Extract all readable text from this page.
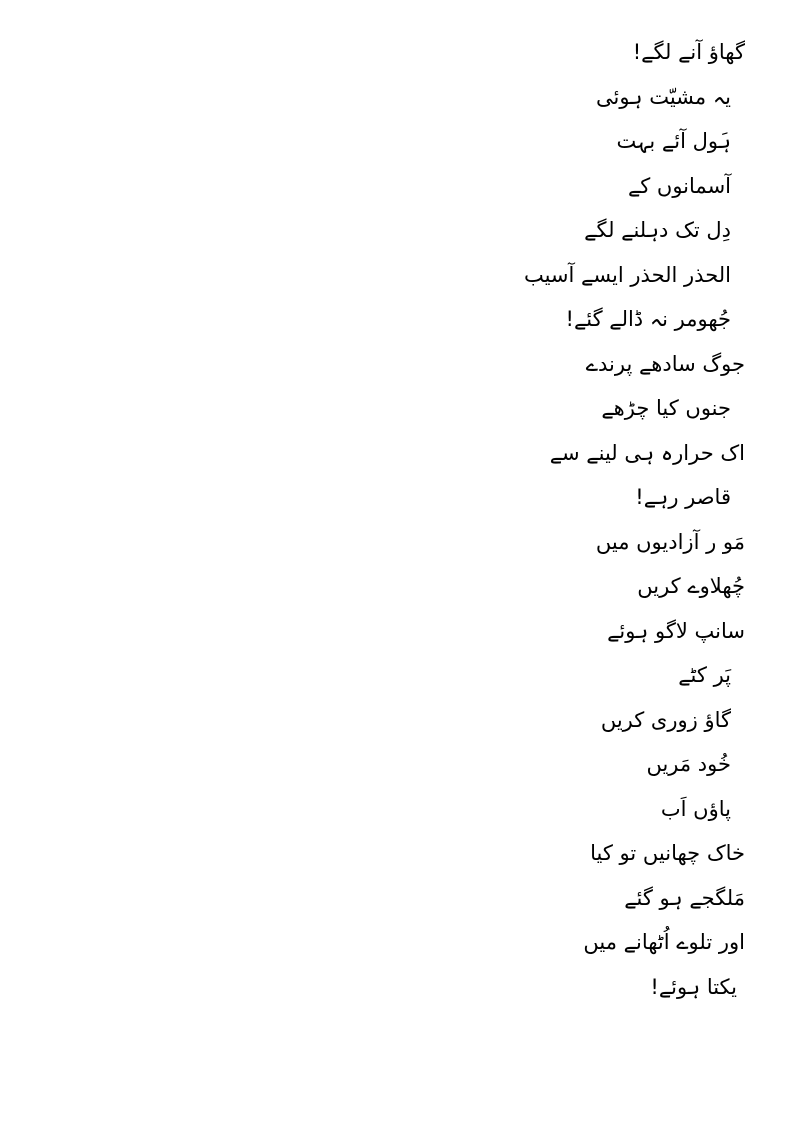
گھاؤ آنے لگے!
یہ مشیّت ہوئی
ہَول آئے بہت
آسمانوں کے
دِل تک دہلنے لگے
الحذر الحذر ایسے آسیب
جُھومر نہ ڈالے گئے!
جوگ سادھے پرندے
جنوں کیا چڑھے
اک حرارہ ہی لینے سے
قاصر رہے!
مَو ر آزادیوں میں
چُھلاوے کریں
سانپ لاگو ہوئے
پَر کٹے
گاؤ زوری کریں
خُود مَریں
پاؤں اَب
خاک چھانیں تو کیا
مَلگجے ہو گئے
اور تلوے اُٹھانے میں
یکتا ہوئے!
